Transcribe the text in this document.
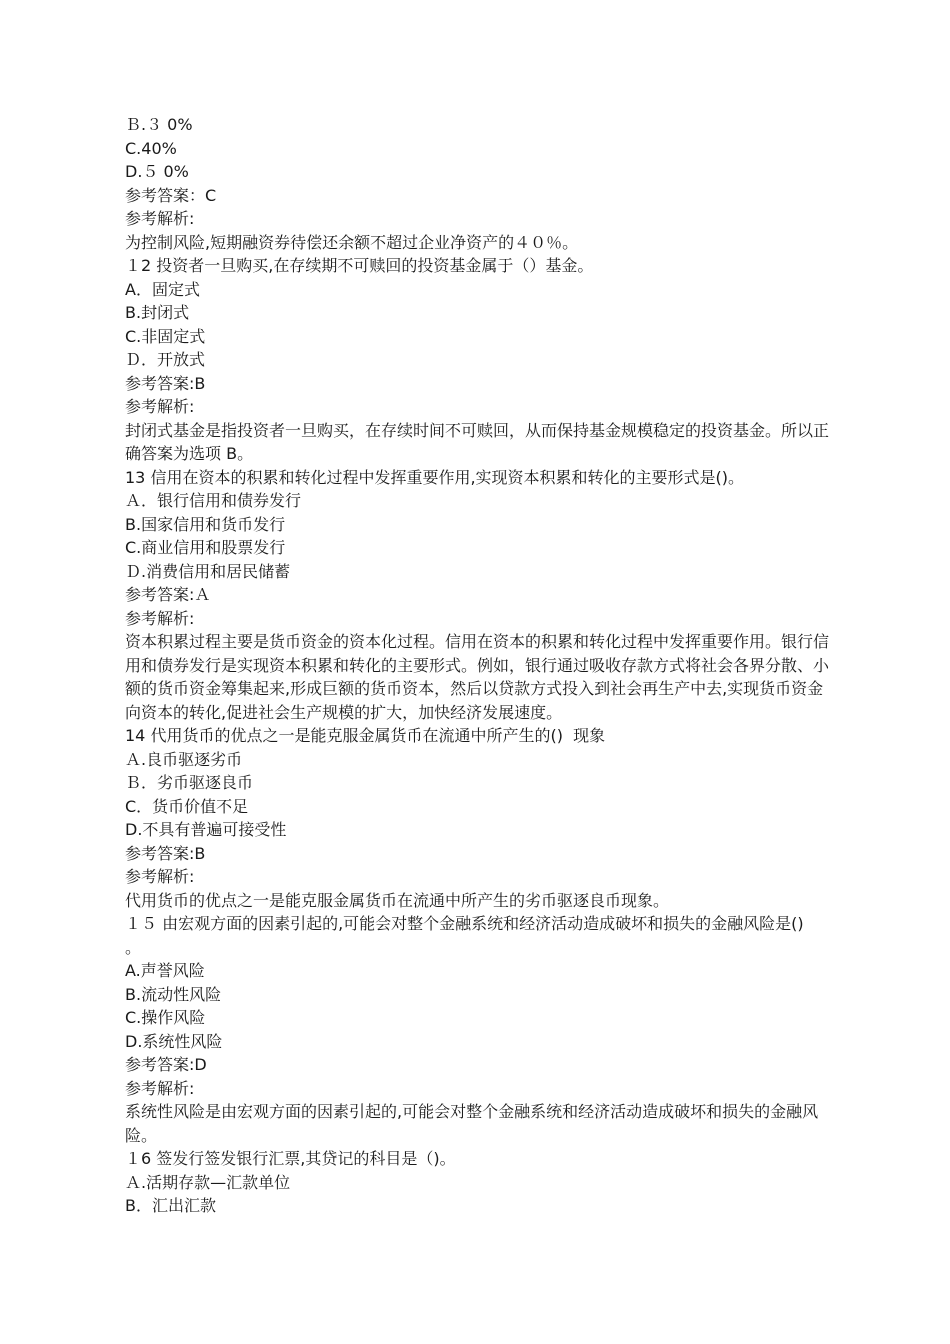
Ｂ.３ 0%
C.40%
D.５ 0%
参考答案：C
参考解析:
为控制风险,短期融资券待偿还余额不超过企业净资产的４０％。
１2 投资者一旦购买,在存续期不可赎回的投资基金属于（）基金。
A．固定式
B.封闭式
C.非固定式
Ｄ．开放式
参考答案:B
参考解析:
封闭式基金是指投资者一旦购买，在存续时间不可赎回，从而保持基金规模稳定的投资基金。所以正确答案为选项 B。
13 信用在资本的积累和转化过程中发挥重要作用,实现资本积累和转化的主要形式是()。
Ａ．银行信用和债券发行
B.国家信用和货币发行
C.商业信用和股票发行
Ｄ.消费信用和居民储蓄
参考答案:Ａ
参考解析:
资本积累过程主要是货币资金的资本化过程。信用在资本的积累和转化过程中发挥重要作用。银行信用和债券发行是实现资本积累和转化的主要形式。例如，银行通过吸收存款方式将社会各界分散、小额的货币资金筹集起来,形成巨额的货币资本，然后以贷款方式投入到社会再生产中去,实现货币资金向资本的转化,促进社会生产规模的扩大，加快经济发展速度。
14 代用货币的优点之一是能克服金属货币在流通中所产生的()  现象
Ａ.良币驱逐劣币
Ｂ．劣币驱逐良币
C．货币价值不足
D.不具有普遍可接受性
参考答案:B
参考解析:
代用货币的优点之一是能克服金属货币在流通中所产生的劣币驱逐良币现象。
１５ 由宏观方面的因素引起的,可能会对整个金融系统和经济活动造成破坏和损失的金融风险是()　。
A.声誉风险
B.流动性风险
C.操作风险
D.系统性风险
参考答案:D
参考解析:
系统性风险是由宏观方面的因素引起的,可能会对整个金融系统和经济活动造成破坏和损失的金融风险。
１6 签发行签发银行汇票,其贷记的科目是（)。
Ａ.活期存款—汇款单位
B．汇出汇款
